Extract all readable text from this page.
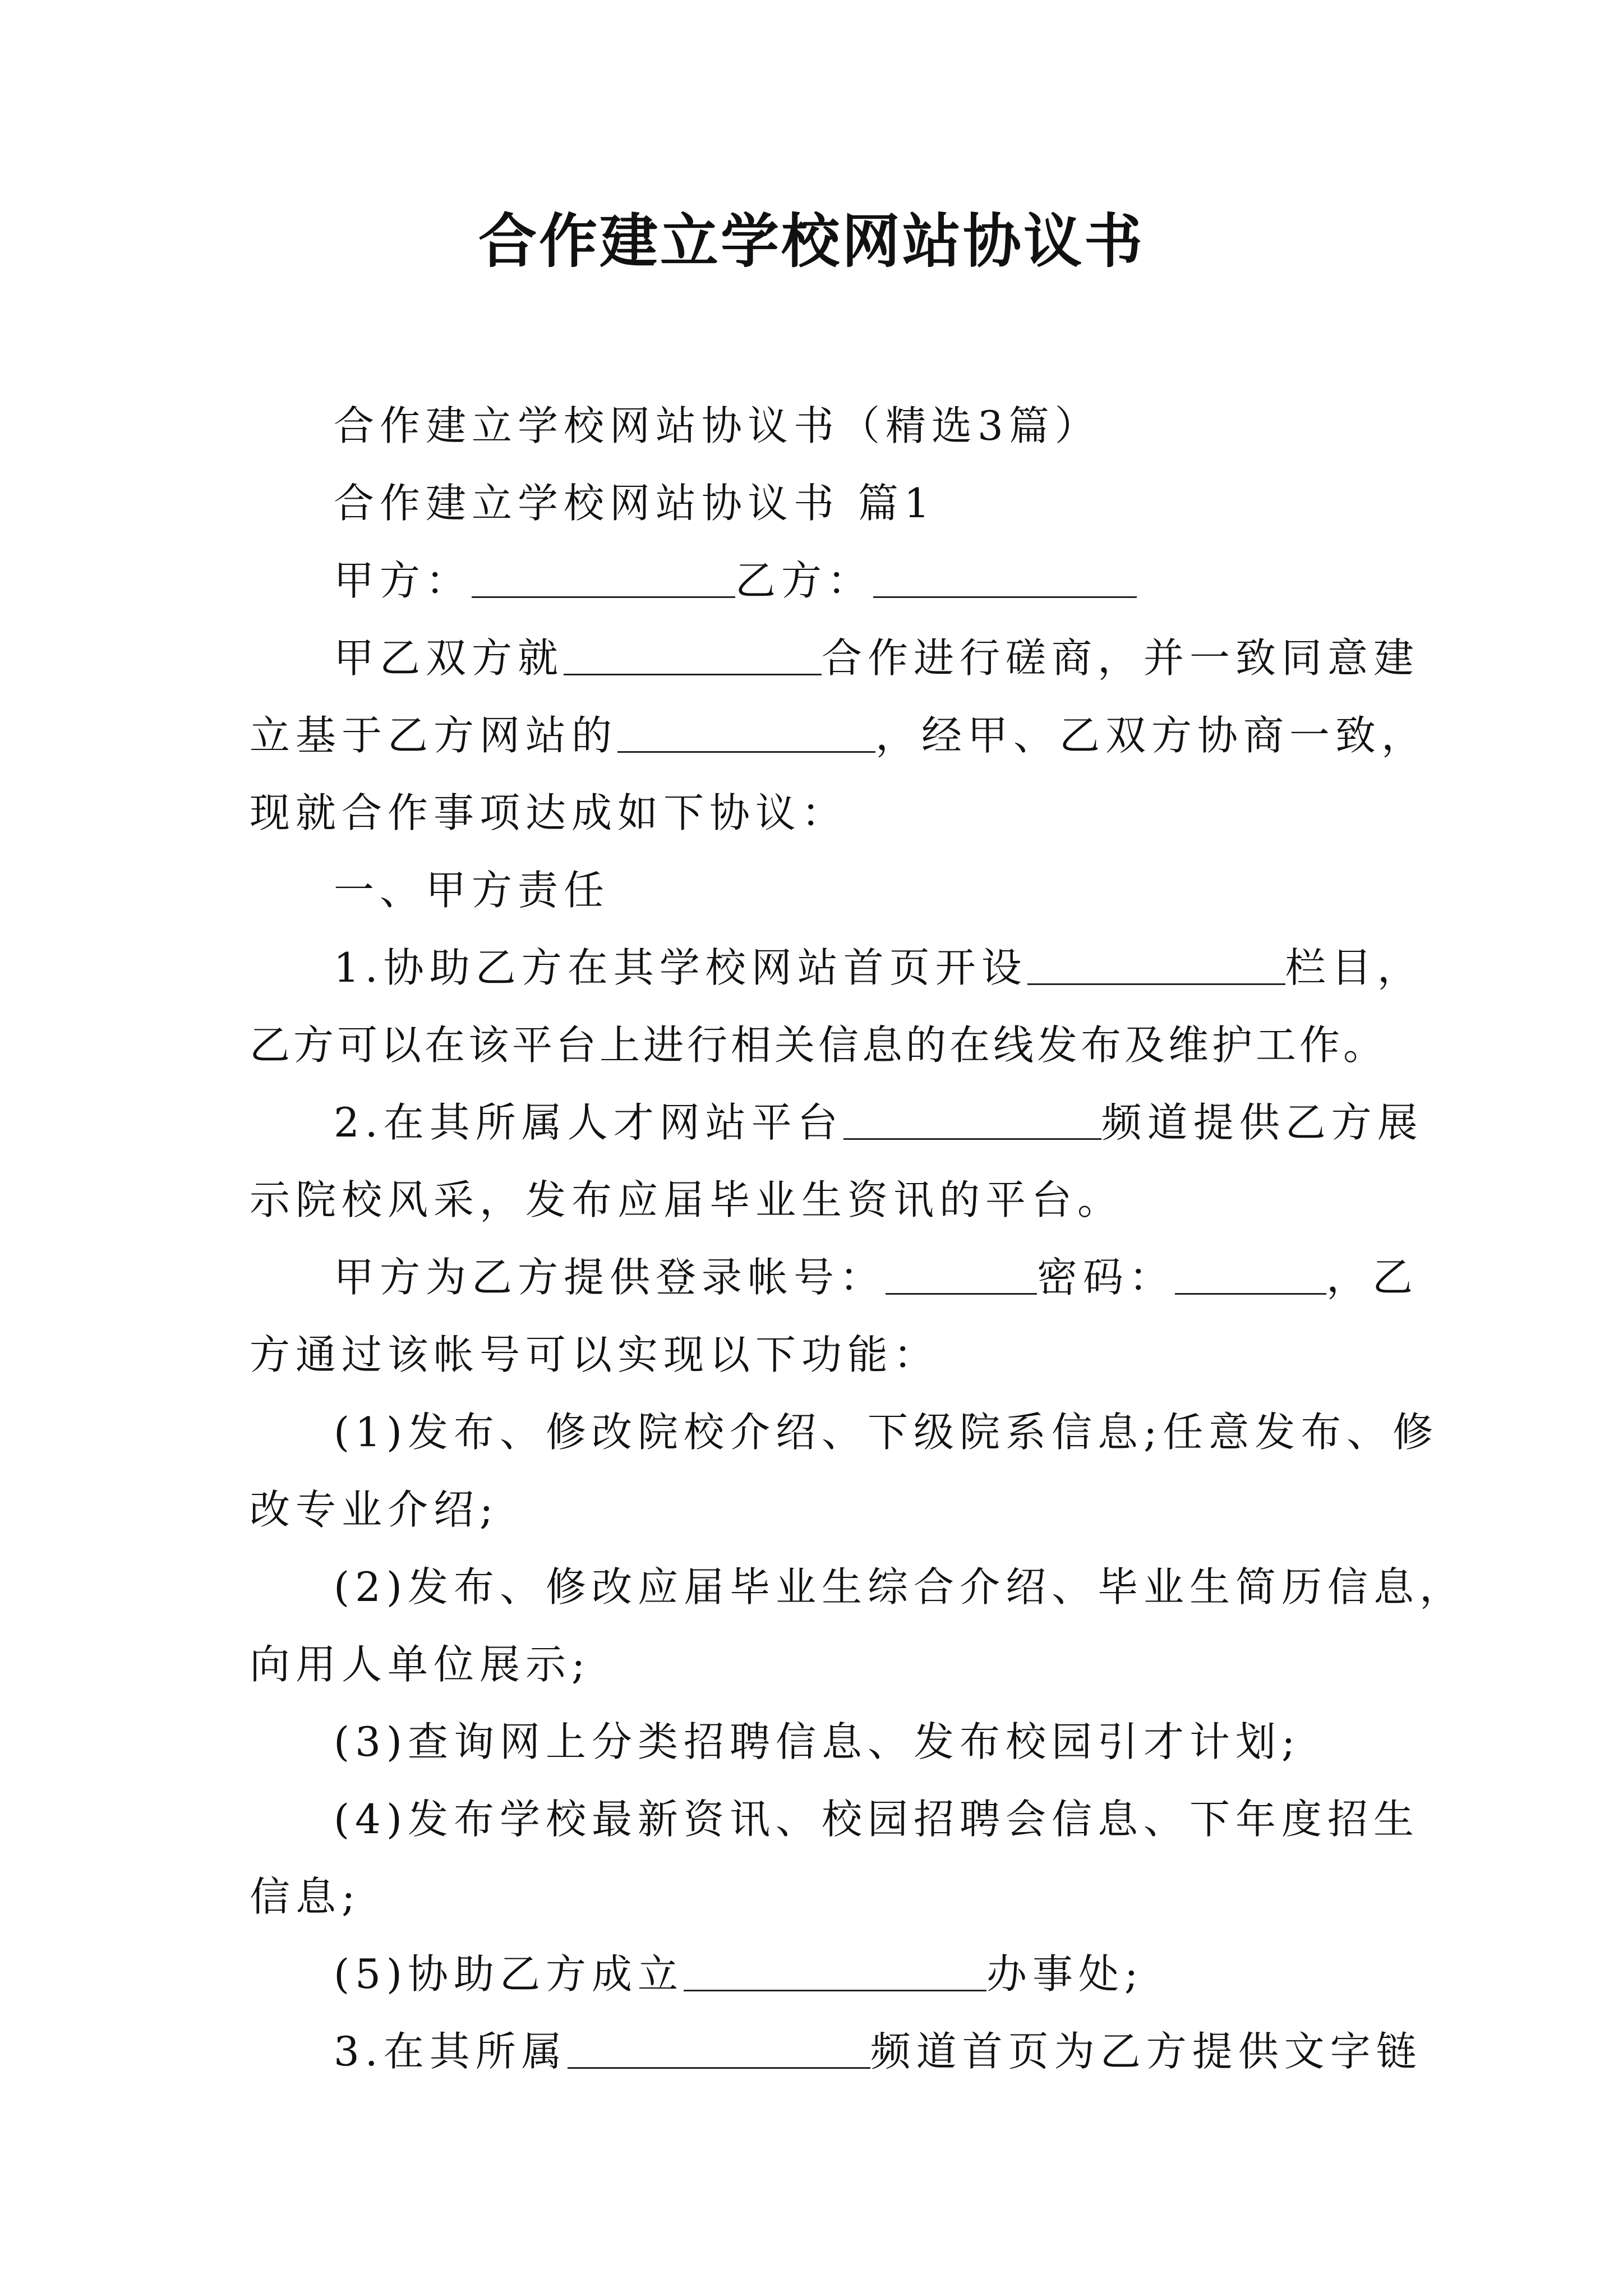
合作建立学校网站协议书
合作建立学校网站协议书（精选3篇）
合作建立学校网站协议书 篇1
甲方：	乙方：
甲乙双方就	合作进行磋商，并一致同意建
立基于乙方网站的	，经甲、乙双方协商一致，
现就合作事项达成如下协议：
一、甲方责任
1.协助乙方在其学校网站首页开设	栏目，
乙方可以在该平台上进行相关信息的在线发布及维护工作。
2.在其所属人才网站平台	频道提供乙方展
示院校风采，发布应届毕业生资讯的平台。
甲方为乙方提供登录帐号：	密码：	，乙
方通过该帐号可以实现以下功能：
(1)发布、修改院校介绍、下级院系信息;任意发布、修
改专业介绍;
(2)发布、修改应届毕业生综合介绍、毕业生简历信息，
向用人单位展示;
(3)查询网上分类招聘信息、发布校园引才计划;
(4)发布学校最新资讯、校园招聘会信息、下年度招生
信息;
(5)协助乙方成立	办事处;
3.在其所属	频道首页为乙方提供文字链
